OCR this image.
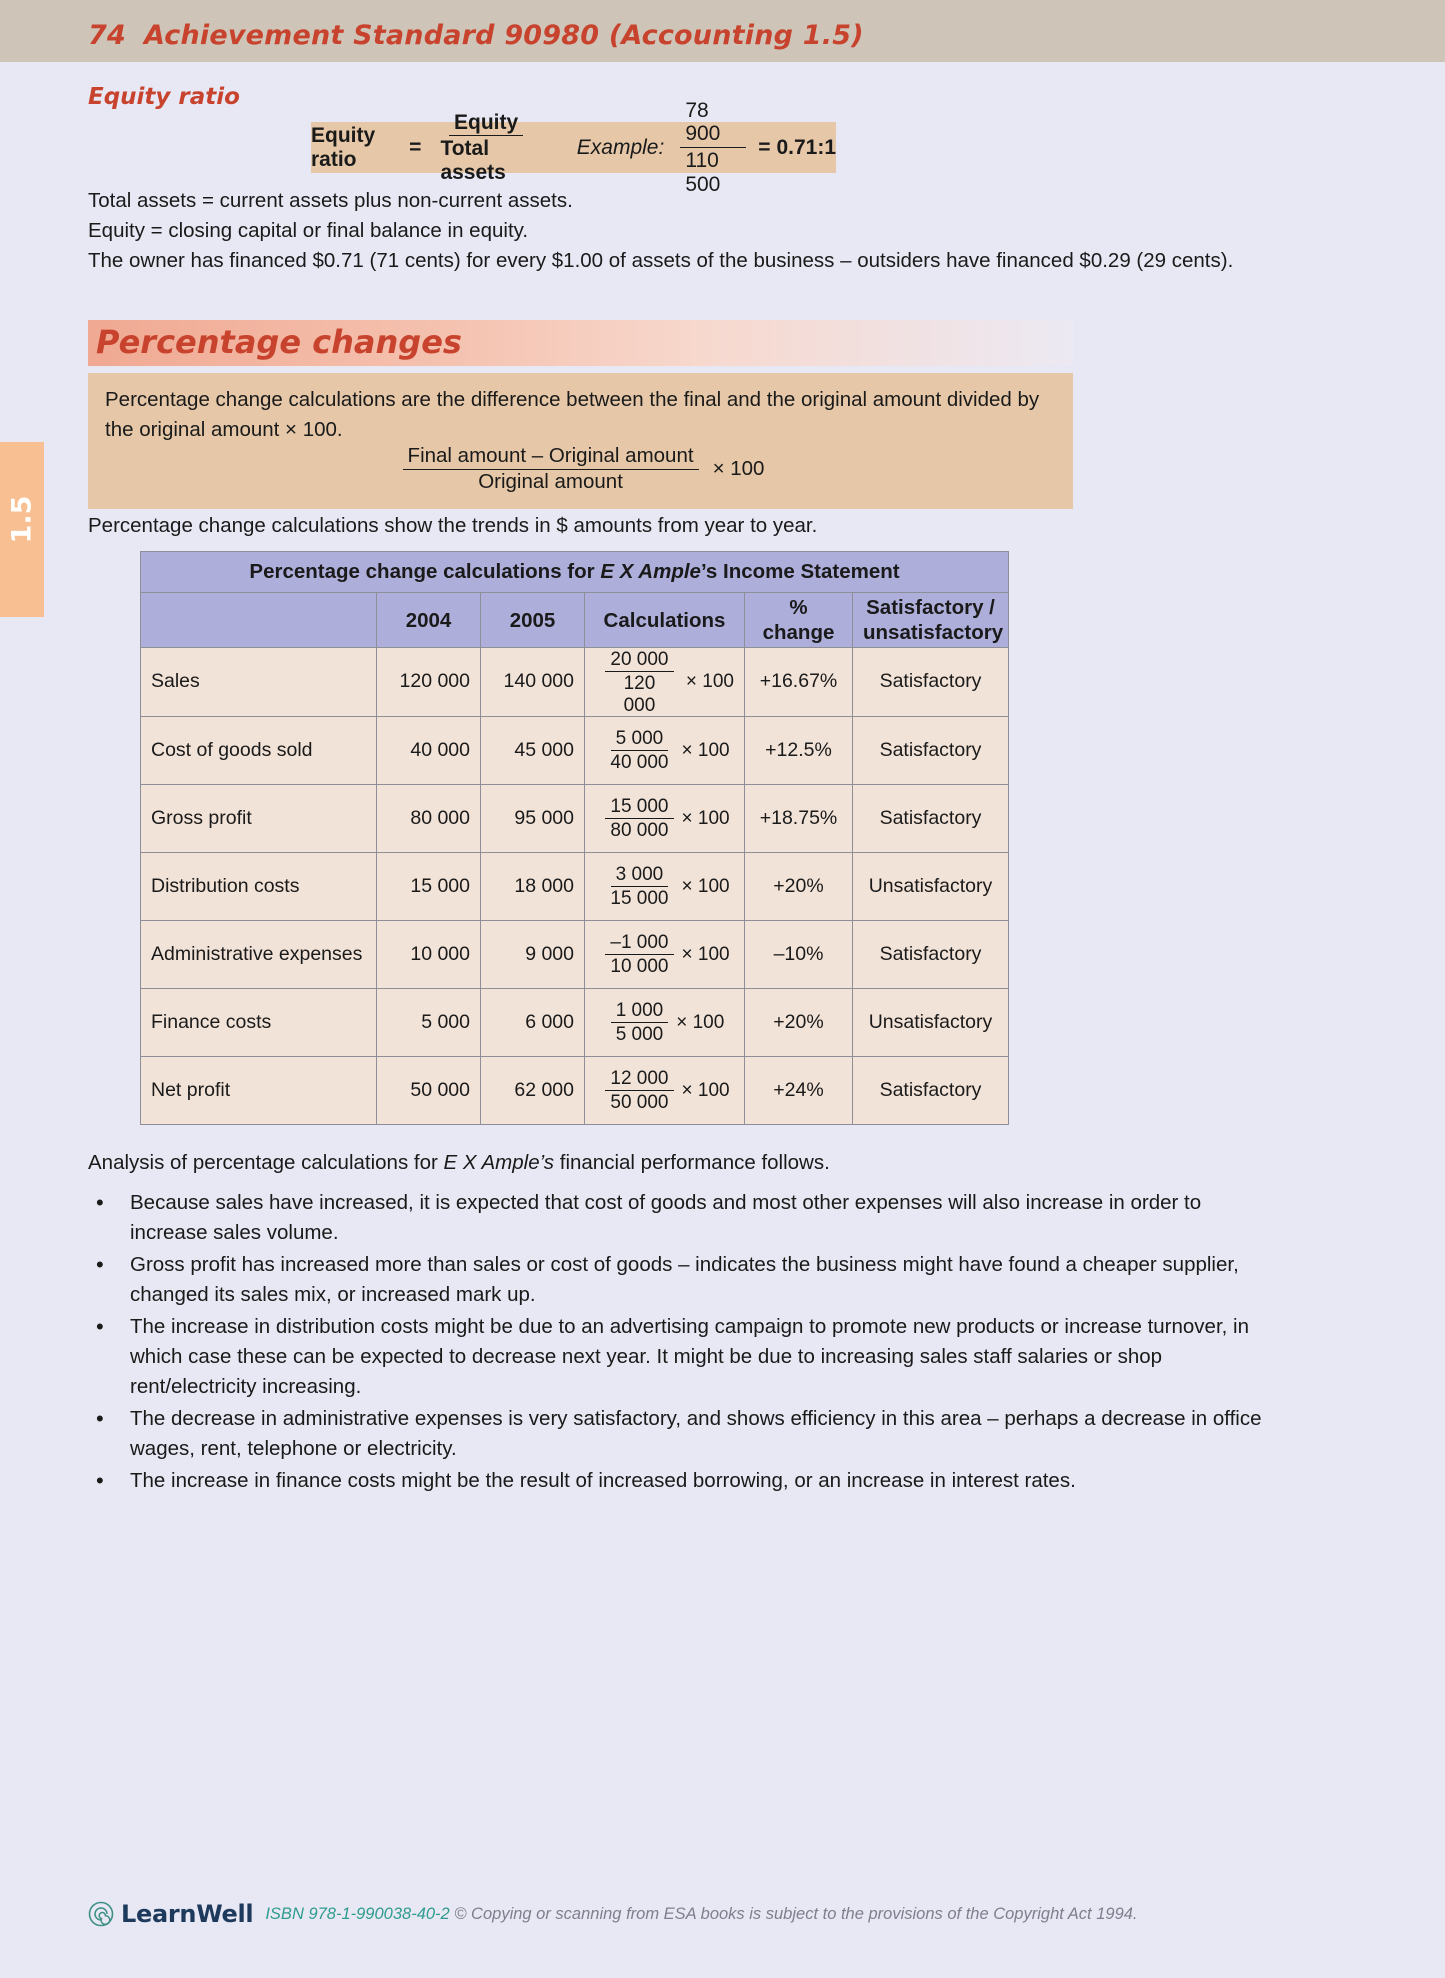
74 Achievement Standard 90980 (Accounting 1.5)
1.5
Equity ratio
Equity ratio
= $\frac{\text{Equity}}{\text{Total assets}}$ Example: $\frac{78 900}{110 500}$ = 0.71:1
Total assets = current assets plus non-current assets.
Equity = closing capital or final balance in equity.
The owner has financed $0.71 (71 cents) for every $1.00 of assets of the business – outsiders have financed $0.29 (29 cents).
Percentage changes
Percentage change calculations are the difference between the final and the original amount divided by the original amount × 100.
$\frac{\text{Final amount – Original amount}}{\text{Original amount}} \times 100$
Percentage change calculations show the trends in $ amounts from year to year.
Percentage change calculations for E X Ample’s Income Statement					
	2004	2005	Calculations	% change	Satisfactory /
unsatisfactory
Sales	120 000	140 000	$\frac{20 000}{120 000} \times 100$	+16.67%	Satisfactory
Cost of goods sold	40 000	45 000	$\frac{5 000}{40 000} \times 100$	+12.5%	Satisfactory
Gross profit	80 000	95 000	$\frac{15 000}{80 000} \times 100$	+18.75%	Satisfactory
Distribution costs	15 000	18 000	$\frac{3 000}{15 000} \times 100$	+20%	Unsatisfactory
Administrative expenses	10 000	9 000	$\frac{-1 000}{10 000} \times 100$	–10%	Satisfactory
Finance costs	5 000	6 000	$\frac{1 000}{5 000} \times 100$	+20%	Unsatisfactory
Net profit	50 000	62 000	$\frac{12 000}{50 000} \times 100$	+24%	Satisfactory
Analysis of percentage calculations for E X Ample’s financial performance follows.
• Because sales have increased, it is expected that cost of goods and most other expenses will also increase in order to increase sales volume.
• Gross profit has increased more than sales or cost of goods – indicates the business might have found a cheaper supplier, changed its sales mix, or increased mark up.
• The increase in distribution costs might be due to an advertising campaign to promote new products or increase turnover, in which case these can be expected to decrease next year. It might be due to increasing sales staff salaries or shop rent/electricity increasing.
• The decrease in administrative expenses is very satisfactory, and shows efficiency in this area – perhaps a decrease in office wages, rent, telephone or electricity.
• The increase in finance costs might be the result of increased borrowing, or an increase in interest rates.
LearnWell ISBN 978-1-990038-40-2 © Copying or scanning from ESA books is subject to the provisions of the Copyright Act 1994.
